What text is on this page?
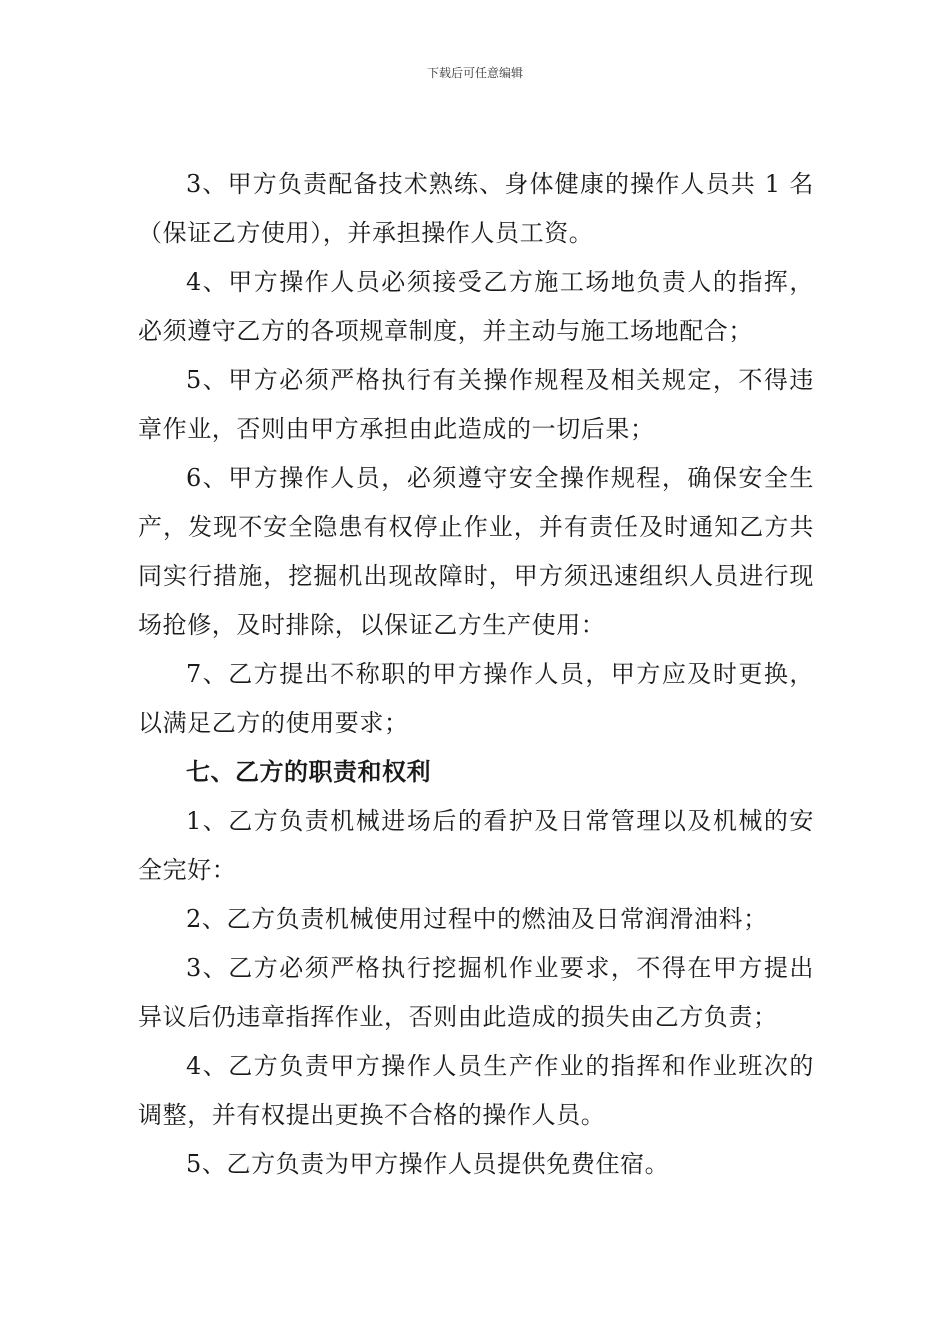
下载后可任意编辑

3、甲方负责配备技术熟练、身体健康的操作人员共 1 名（保证乙方使用），并承担操作人员工资。

4、甲方操作人员必须接受乙方施工场地负责人的指挥，必须遵守乙方的各项规章制度，并主动与施工场地配合；

5、甲方必须严格执行有关操作规程及相关规定，不得违章作业，否则由甲方承担由此造成的一切后果；

6、甲方操作人员，必须遵守安全操作规程，确保安全生产，发现不安全隐患有权停止作业，并有责任及时通知乙方共同实行措施，挖掘机出现故障时，甲方须迅速组织人员进行现场抢修，及时排除，以保证乙方生产使用：

7、乙方提出不称职的甲方操作人员，甲方应及时更换，以满足乙方的使用要求；

七、乙方的职责和权利

1、乙方负责机械进场后的看护及日常管理以及机械的安全完好：

2、乙方负责机械使用过程中的燃油及日常润滑油料；

3、乙方必须严格执行挖掘机作业要求，不得在甲方提出异议后仍违章指挥作业，否则由此造成的损失由乙方负责；

4、乙方负责甲方操作人员生产作业的指挥和作业班次的调整，并有权提出更换不合格的操作人员。

5、乙方负责为甲方操作人员提供免费住宿。
